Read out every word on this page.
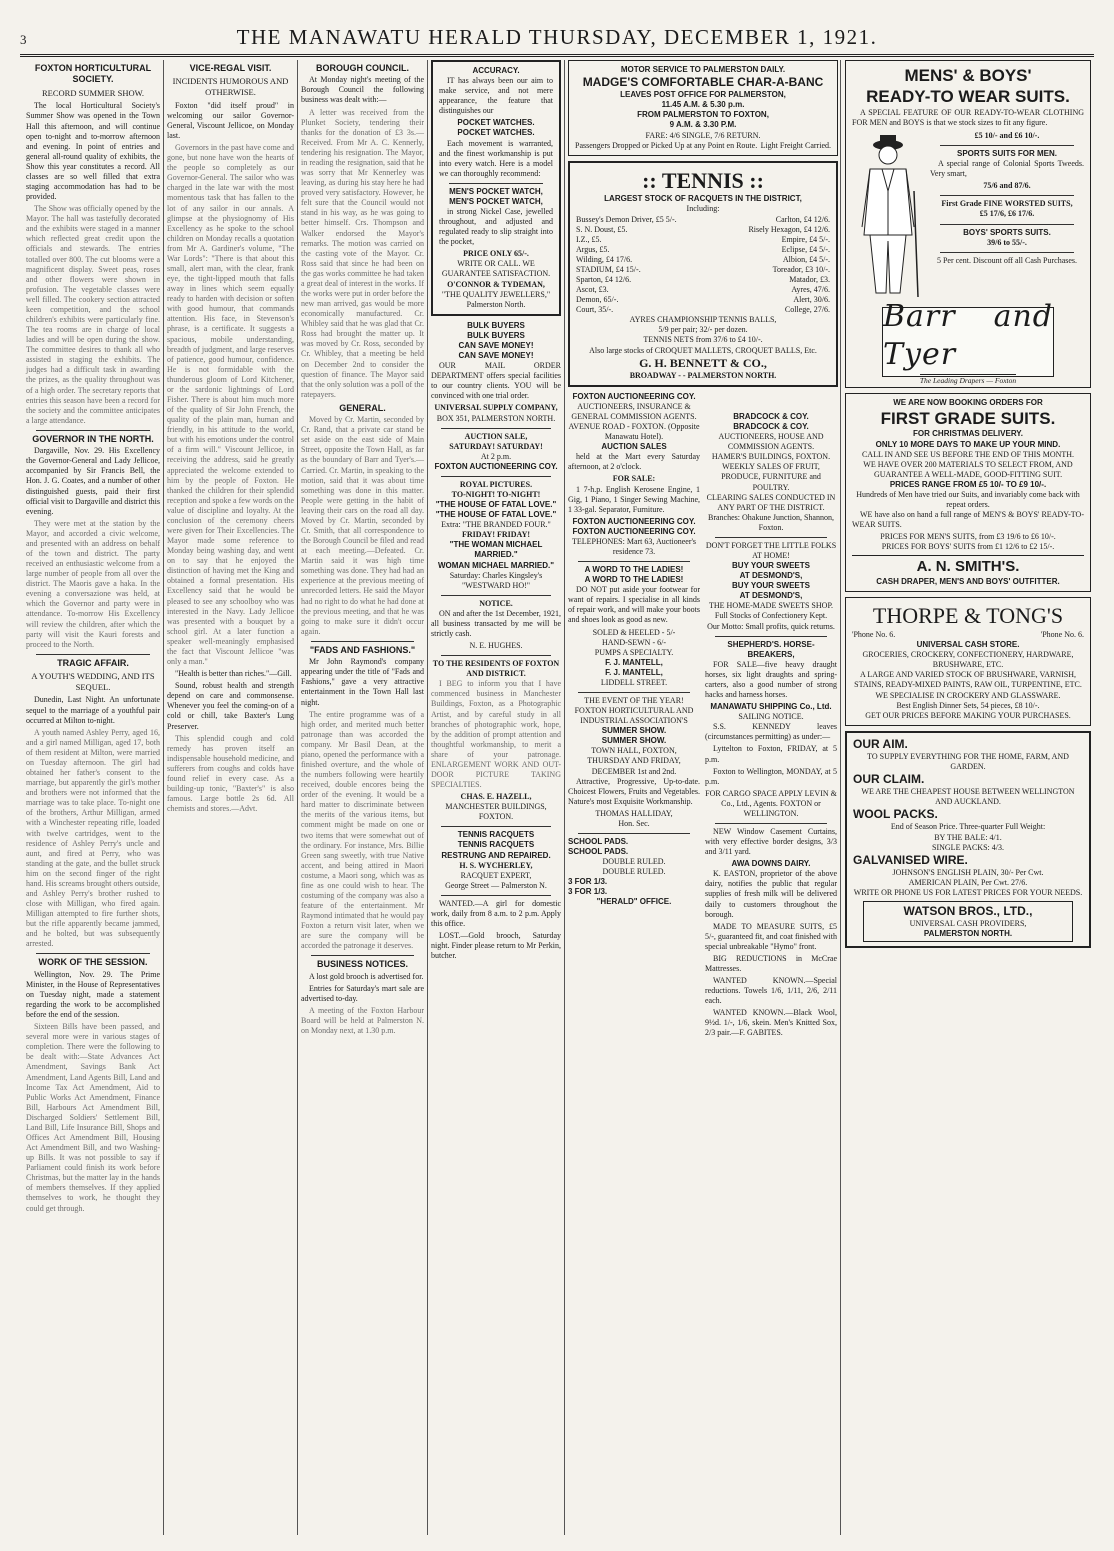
3	THE MANAWATU HERALD THURSDAY, DECEMBER 1, 1921.
FOXTON HORTICULTURAL SOCIETY.
RECORD SUMMER SHOW.
The local Horticultural Society's Summer Show was opened in the Town Hall this afternoon, and will continue open to-night and to-morrow afternoon and evening. In point of entries and general all-round quality of exhibits, the Show this year constitutes a record. All classes are so well filled that extra staging accommodation has had to be provided.
The Show was officially opened by the Mayor. The hall was tastefully decorated and the exhibits were staged in a manner which reflected great credit upon the officials and stewards. The entries totalled over 800. The cut blooms were a magnificent display. Sweet peas, roses and other flowers were shown in profusion. The vegetable classes were well filled. The cookery section attracted keen competition, and the school children's exhibits were particularly fine. The tea rooms are in charge of local ladies and will be open during the show. The committee desires to thank all who assisted in staging the exhibits. The judges had a difficult task in awarding the prizes, as the quality throughout was of a high order. The secretary reports that entries this season have been a record for the society and the committee anticipates a large attendance.
GOVERNOR IN THE NORTH.
Dargaville, Nov. 29. His Excellency the Governor-General and Lady Jellicoe, accompanied by Sir Francis Bell, the Hon. J. G. Coates, and a number of other distinguished guests, paid their first official visit to Dargaville and district this evening.
They were met at the station by the Mayor, and accorded a civic welcome, and presented with an address on behalf of the town and district. The party received an enthusiastic welcome from a large number of people from all over the district. The Maoris gave a haka. In the evening a conversazione was held, at which the Governor and party were in attendance. To-morrow His Excellency will review the children, after which the party will visit the Kauri forests and proceed to the North.
TRAGIC AFFAIR.
A YOUTH'S WEDDING, AND ITS SEQUEL.
Dunedin, Last Night. An unfortunate sequel to the marriage of a youthful pair occurred at Milton to-night.
A youth named Ashley Perry, aged 16, and a girl named Milligan, aged 17, both of them resident at Milton, were married on Tuesday afternoon. The girl had obtained her father's consent to the marriage, but apparently the girl's mother and brothers were not informed that the marriage was to take place. To-night one of the brothers, Arthur Milligan, armed with a Winchester repeating rifle, loaded with twelve cartridges, went to the residence of Ashley Perry's uncle and aunt, and fired at Perry, who was standing at the gate, and the bullet struck him on the second finger of the right hand. His screams brought others outside, and Ashley Perry's brother rushed to close with Milligan, who fired again. Milligan attempted to fire further shots, but the rifle apparently became jammed, and he bolted, but was subsequently arrested.
WORK OF THE SESSION.
Wellington, Nov. 29. The Prime Minister, in the House of Representatives on Tuesday night, made a statement regarding the work to be accomplished before the end of the session.
Sixteen Bills have been passed, and several more were in various stages of completion. There were the following to be dealt with:—State Advances Act Amendment, Savings Bank Act Amendment, Land Agents Bill, Land and Income Tax Act Amendment, Aid to Public Works Act Amendment, Finance Bill, Harbours Act Amendment Bill, Discharged Soldiers' Settlement Bill, Land Bill, Life Insurance Bill, Shops and Offices Act Amendment Bill, Housing Act Amendment Bill, and two Washing-up Bills. It was not possible to say if Parliament could finish its work before Christmas, but the matter lay in the hands of members themselves. If they applied themselves to work, he thought they could get through.
VICE-REGAL VISIT.
INCIDENTS HUMOROUS AND OTHERWISE.
Foxton "did itself proud" in welcoming our sailor Governor-General, Viscount Jellicoe, on Monday last.
Governors in the past have come and gone, but none have won the hearts of the people so completely as our Governor-General. The sailor who was charged in the late war with the most momentous task that has fallen to the lot of any sailor in our annals. A glimpse at the physiognomy of His Excellency as he spoke to the school children on Monday recalls a quotation from Mr A. Gardiner's volume, "The War Lords": "There is that about this small, alert man, with the clear, frank eye, the tight-lipped mouth that falls away in lines which seem equally ready to harden with decision or soften with good humour, that commands attention. His face, in Stevenson's phrase, is a certificate. It suggests a spacious, mobile understanding, breadth of judgment, and large reserves of patience, good humour, confidence. He is not formidable with the thunderous gloom of Lord Kitchener, or the sardonic lightnings of Lord Fisher. There is about him much more of the quality of Sir John French, the quality of the plain man, human and friendly, in his attitude to the world, but with his emotions under the control of a firm will." Viscount Jellicoe, in receiving the address, said he greatly appreciated the welcome extended to him by the people of Foxton. He thanked the children for their splendid reception and spoke a few words on the value of discipline and loyalty. At the conclusion of the ceremony cheers were given for Their Excellencies. The Mayor made some reference to Monday being washing day, and went on to say that he enjoyed the distinction of having met the King and obtained a formal presentation. His Excellency said that he would be pleased to see any schoolboy who was interested in the Navy. Lady Jellicoe was presented with a bouquet by a school girl. At a later function a speaker well-meaningly emphasised the fact that Viscount Jellicoe "was only a man."
"Health is better than riches."—Gill.
Sound, robust health and strength depend on care and commonsense. Whenever you feel the coming-on of a cold or chill, take Baxter's Lung Preserver.
This splendid cough and cold remedy has proven itself an indispensable household medicine, and sufferers from coughs and colds have found relief in every case. As a building-up tonic, "Baxter's" is also famous. Large bottle 2s 6d. All chemists and stores.—Advt.
BOROUGH COUNCIL.
At Monday night's meeting of the Borough Council the following business was dealt with:—
A letter was received from the Plunket Society, tendering their thanks for the donation of £3 3s.—Received. From Mr A. C. Kennerly, tendering his resignation. The Mayor, in reading the resignation, said that he was sorry that Mr Kennerley was leaving, as during his stay here he had proved very satisfactory. However, he felt sure that the Council would not stand in his way, as he was going to better himself. Crs. Thompson and Walker endorsed the Mayor's remarks. The motion was carried on the casting vote of the Mayor. Cr. Ross said that since he had been on the gas works committee he had taken a great deal of interest in the works. If the works were put in order before the new man arrived, gas would be more economically manufactured. Cr. Whibley said that he was glad that Cr. Ross had brought the matter up. It was moved by Cr. Ross, seconded by Cr. Whibley, that a meeting be held on December 2nd to consider the question of finance. The Mayor said that the only solution was a poll of the ratepayers.
GENERAL.
Moved by Cr. Martin, seconded by Cr. Rand, that a private car stand be set aside on the east side of Main Street, opposite the Town Hall, as far as the boundary of Barr and Tyer's.—Carried. Cr. Martin, in speaking to the motion, said that it was about time something was done in this matter. People were getting in the habit of leaving their cars on the road all day. Moved by Cr. Martin, seconded by Cr. Smith, that all correspondence to the Borough Council be filed and read at each meeting.—Defeated. Cr. Martin said it was high time something was done. They had had an experience at the previous meeting of unrecorded letters. He said the Mayor had no right to do what he had done at the previous meeting, and that he was going to make sure it didn't occur again.
"FADS AND FASHIONS."
Mr John Raymond's company appearing under the title of "Fads and Fashions," gave a very attractive entertainment in the Town Hall last night.
The entire programme was of a high order, and merited much better patronage than was accorded the company. Mr Basil Dean, at the piano, opened the performance with a finished overture, and the whole of the numbers following were heartily received, double encores being the order of the evening. It would be a hard matter to discriminate between the merits of the various items, but comment might be made on one or two items that were somewhat out of the ordinary. For instance, Mrs. Billie Green sang sweetly, with true Native accent, and being attired in Maori costume, a Maori song, which was as fine as one could wish to hear. The costuming of the company was also a feature of the entertainment. Mr Raymond intimated that he would pay Foxton a return visit later, when we are sure the company will be accorded the patronage it deserves.
BUSINESS NOTICES.
A lost gold brooch is advertised for.
Entries for Saturday's mart sale are advertised to-day.
A meeting of the Foxton Harbour Board will be held at Palmerston N. on Monday next, at 1.30 p.m.
ACCURACY.
IT has always been our aim to make service, and not mere appearance, the feature that distinguishes our
POCKET WATCHES.
POCKET WATCHES.
Each movement is warranted, and the finest workmanship is put into every watch. Here is a model we can thoroughly recommend:
MEN'S POCKET WATCH,
MEN'S POCKET WATCH,
in strong Nickel Case, jewelled throughout, and adjusted and regulated ready to slip straight into the pocket,
PRICE ONLY 65/-.
WRITE OR CALL. WE GUARANTEE SATISFACTION.
O'CONNOR & TYDEMAN,
"THE QUALITY JEWELLERS,"
Palmerston North.
BULK BUYERS
BULK BUYERS
CAN SAVE MONEY!
CAN SAVE MONEY!
OUR MAIL ORDER DEPARTMENT offers special facilities to our country clients. YOU will be convinced with one trial order.
UNIVERSAL SUPPLY COMPANY,
BOX 351, PALMERSTON NORTH.
AUCTION SALE,
SATURDAY! SATURDAY!
At 2 p.m.
FOXTON AUCTIONEERING COY.
ROYAL PICTURES.
TO-NIGHT! TO-NIGHT!
"THE HOUSE OF FATAL LOVE."
"THE HOUSE OF FATAL LOVE."
Extra: "THE BRANDED FOUR."
FRIDAY! FRIDAY!
"THE WOMAN MICHAEL MARRIED."
WOMAN MICHAEL MARRIED."
Saturday: Charles Kingsley's "WESTWARD HO!"
NOTICE.
ON and after the 1st December, 1921, all business transacted by me will be strictly cash.
N. E. HUGHES.
TO THE RESIDENTS OF FOXTON AND DISTRICT.
I BEG to inform you that I have commenced business in Manchester Buildings, Foxton, as a Photographic Artist, and by careful study in all branches of photographic work, hope, by the addition of prompt attention and thoughtful workmanship, to merit a share of your patronage. ENLARGEMENT WORK AND OUT-DOOR PICTURE TAKING SPECIALTIES.
CHAS. E. HAZELL,
MANCHESTER BUILDINGS, FOXTON.
TENNIS RACQUETS
TENNIS RACQUETS
RESTRUNG AND REPAIRED.
H. S. WYCHERLEY,
RACQUET EXPERT,
George Street — Palmerston N.
WANTED.—A girl for domestic work, daily from 8 a.m. to 2 p.m. Apply this office.
LOST.—Gold brooch, Saturday night. Finder please return to Mr Perkin, butcher.
MOTOR SERVICE TO PALMERSTON DAILY.
MADGE'S COMFORTABLE CHAR-A-BANC
LEAVES POST OFFICE FOR PALMERSTON,
11.45 A.M. & 5.30 p.m.
FROM PALMERSTON TO FOXTON,
9 A.M. & 3.30 P.M.
FARE: 4/6 SINGLE, 7/6 RETURN.
Passengers Dropped or Picked Up at any Point en Route. Light Freight Carried.
:: TENNIS ::
LARGEST STOCK OF RACQUETS IN THE DISTRICT,
Including:
Bussey's Demon Driver, £5 5/-.	Carlton, £4 12/6.
S. N. Doust, £5.	Risely Hexagon, £4 12/6.
I.Z., £5.	Empire, £4 5/-.
Argus, £5.	Eclipse, £4 5/-.
Wilding, £4 17/6.	Albion, £4 5/-.
STADIUM, £4 15/-.	Toreador, £3 10/-.
Sparton, £4 12/6.	Matador, £3.
Ascot, £3.	Ayres, 47/6.
Demon, 65/-.	Alert, 30/6.
Court, 35/-.	College, 27/6.
AYRES CHAMPIONSHIP TENNIS BALLS,
5/9 per pair; 32/- per dozen.
TENNIS NETS from 37/6 to £4 10/-.
Also large stocks of CROQUET MALLETS, CROQUET BALLS, Etc.
G. H. BENNETT & CO.,
BROADWAY - - PALMERSTON NORTH.
FOXTON AUCTIONEERING COY.
AUCTIONEERS, INSURANCE & GENERAL COMMISSION AGENTS.
AVENUE ROAD - FOXTON. (Opposite Manawatu Hotel).
AUCTION SALES
held at the Mart every Saturday afternoon, at 2 o'clock.
FOR SALE:
1 7-h.p. English Kerosene Engine, 1 Gig, 1 Piano, 1 Singer Sewing Machine, 1 33-gal. Separator, Furniture.
FOXTON AUCTIONEERING COY.
FOXTON AUCTIONEERING COY.
TELEPHONES: Mart 63, Auctioneer's residence 73.
A WORD TO THE LADIES!
A WORD TO THE LADIES!
DO NOT put aside your footwear for want of repairs. I specialise in all kinds of repair work, and will make your boots and shoes look as good as new.
SOLED & HEELED - 5/-
HAND-SEWN - 6/-
PUMPS A SPECIALTY.
F. J. MANTELL,
F. J. MANTELL,
LIDDELL STREET.
THE EVENT OF THE YEAR!
FOXTON HORTICULTURAL AND INDUSTRIAL ASSOCIATION'S
SUMMER SHOW.
SUMMER SHOW.
TOWN HALL, FOXTON,
THURSDAY AND FRIDAY, DECEMBER 1st and 2nd.
Attractive, Progressive, Up-to-date. Choicest Flowers, Fruits and Vegetables. Nature's most Exquisite Workmanship.
THOMAS HALLIDAY,
Hon. Sec.
SCHOOL PADS.
SCHOOL PADS.
DOUBLE RULED.
DOUBLE RULED.
3 FOR 1/3.
3 FOR 1/3.
"HERALD" OFFICE.
BRADCOCK & COY.
BRADCOCK & COY.
AUCTIONEERS, HOUSE AND COMMISSION AGENTS.
HAMER'S BUILDINGS, FOXTON.
WEEKLY SALES OF FRUIT, PRODUCE, FURNITURE and POULTRY.
CLEARING SALES CONDUCTED IN ANY PART OF THE DISTRICT.
Branches: Ohakune Junction, Shannon, Foxton.
DON'T FORGET THE LITTLE FOLKS AT HOME!
BUY YOUR SWEETS
AT DESMOND'S,
BUY YOUR SWEETS
AT DESMOND'S,
THE HOME-MADE SWEETS SHOP.
Full Stocks of Confectionery Kept.
Our Motto: Small profits, quick returns.
SHEPHERD'S. HORSE-BREAKERS,
FOR SALE—five heavy draught horses, six light draughts and spring-carters, also a good number of strong hacks and harness horses.
MANAWATU SHIPPING Co., Ltd.
SAILING NOTICE.
S.S. KENNEDY leaves (circumstances permitting) as under:—
Lyttelton to Foxton, FRIDAY, at 5 p.m.
Foxton to Wellington, MONDAY, at 5 p.m.
FOR CARGO SPACE APPLY LEVIN & Co., Ltd., Agents. FOXTON or WELLINGTON.
NEW Window Casement Curtains, with very effective border designs, 3/3 and 3/11 yard.
AWA DOWNS DAIRY.
K. EASTON, proprietor of the above dairy, notifies the public that regular supplies of fresh milk will be delivered daily to customers throughout the borough.
MADE TO MEASURE SUITS, £5 5/-, guaranteed fit, and coat finished with special unbreakable "Hymo" front.
BIG REDUCTIONS in McCrae Mattresses.
WANTED KNOWN.—Special reductions. Towels 1/6, 1/11, 2/6, 2/11 each.
WANTED KNOWN.—Black Wool, 9½d. 1/-, 1/6, skein. Men's Knitted Sox, 2/3 pair.—F. GABITES.
MENS' & BOYS'
READY-TO WEAR SUITS.
A SPECIAL FEATURE OF OUR READY-TO-WEAR CLOTHING FOR MEN and BOYS is that we stock sizes to fit any figure.
£5 10/- and £6 10/-.
SPORTS SUITS FOR MEN.
A special range of Colonial Sports Tweeds. Very smart,
75/6 and 87/6.
First Grade FINE WORSTED SUITS,
£5 17/6, £6 17/6.
BOYS' SPORTS SUITS.
39/6 to 55/-.
5 Per cent. Discount off all Cash Purchases.
Barr and Tyer
The Leading Drapers — Foxton
WE ARE NOW BOOKING ORDERS FOR
FIRST GRADE SUITS.
FOR CHRISTMAS DELIVERY.
ONLY 10 MORE DAYS TO MAKE UP YOUR MIND.
CALL IN AND SEE US BEFORE THE END OF THIS MONTH.
WE HAVE OVER 200 MATERIALS TO SELECT FROM, AND GUARANTEE A WELL-MADE, GOOD-FITTING SUIT.
PRICES RANGE FROM £5 10/- TO £9 10/-.
Hundreds of Men have tried our Suits, and invariably come back with repeat orders.
WE have also on hand a full range of MEN'S & BOYS' READY-TO-WEAR SUITS.
PRICES FOR MEN'S SUITS, from £3 19/6 to £6 10/-.
PRICES FOR BOYS' SUITS from £1 12/6 to £2 15/-.
A. N. SMITH'S.
CASH DRAPER, MEN'S AND BOYS' OUTFITTER.
THORPE & TONG'S
'Phone No. 6.	'Phone No. 6.
UNIVERSAL CASH STORE.
GROCERIES, CROCKERY, CONFECTIONERY, HARDWARE, BRUSHWARE, ETC.
A LARGE AND VARIED STOCK OF BRUSHWARE, VARNISH, STAINS, READY-MIXED PAINTS, RAW OIL, TURPENTINE, ETC.
WE SPECIALISE IN CROCKERY AND GLASSWARE.
Best English Dinner Sets, 54 pieces, £8 10/-.
GET OUR PRICES BEFORE MAKING YOUR PURCHASES.
OUR AIM.
TO SUPPLY EVERYTHING FOR THE HOME, FARM, AND GARDEN.
OUR CLAIM.
WE ARE THE CHEAPEST HOUSE BETWEEN WELLINGTON AND AUCKLAND.
WOOL PACKS.
End of Season Price. Three-quarter Full Weight:
BY THE BALE: 4/1.
SINGLE PACKS: 4/3.
GALVANISED WIRE.
JOHNSON'S ENGLISH PLAIN, 30/- Per Cwt.
AMERICAN PLAIN, Per Cwt. 27/6.
WRITE OR PHONE US FOR LATEST PRICES FOR YOUR NEEDS.
WATSON BROS., LTD.,
UNIVERSAL CASH PROVIDERS,
PALMERSTON NORTH.
